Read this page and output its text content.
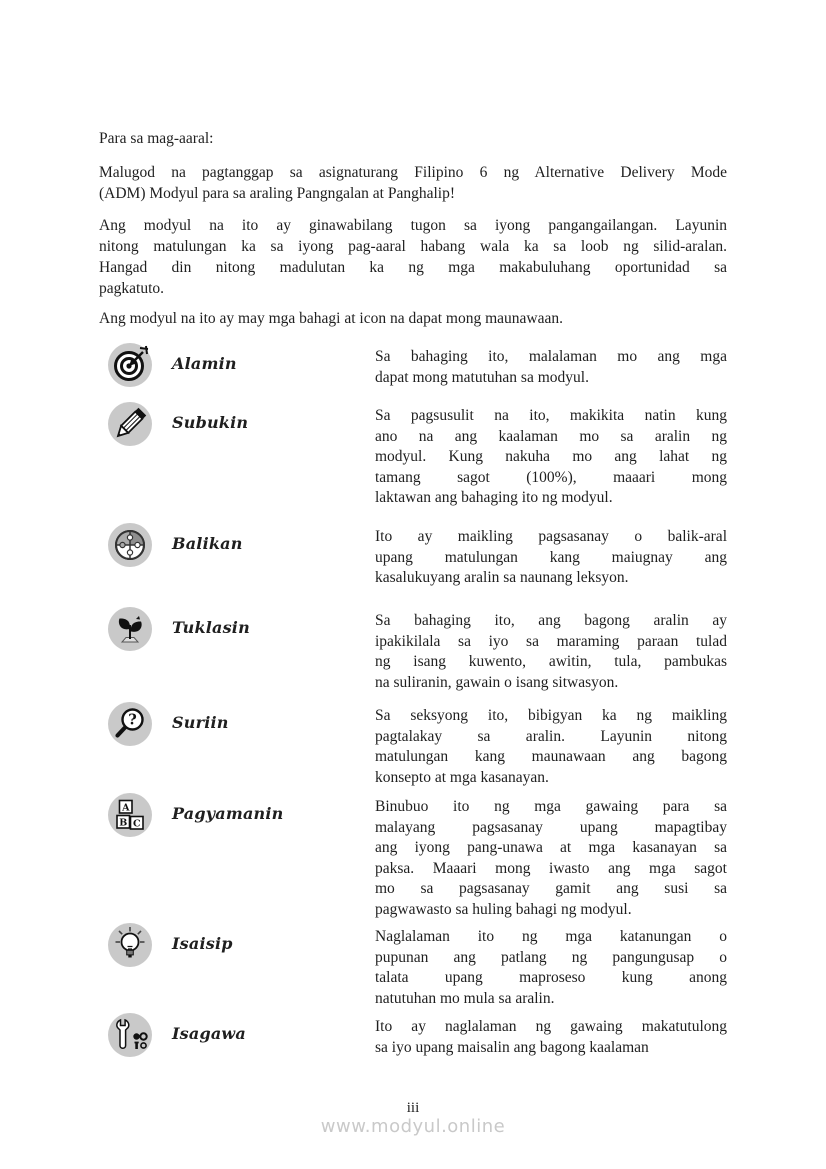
Para sa mag-aaral:
Malugod na pagtanggap sa asignaturang Filipino 6 ng Alternative Delivery Mode
(ADM) Modyul para sa araling Pangngalan at Panghalip!
Ang modyul na ito ay ginawabilang tugon sa iyong pangangailangan. Layunin
nitong matulungan ka sa iyong pag-aaral habang wala ka sa loob ng silid-aralan.
Hangad din nitong madulutan ka ng mga makabuluhang oportunidad sa
pagkatuto.
Ang modyul na ito ay may mga bahagi at icon na dapat mong maunawaan.
Alamin	Sa bahaging ito, malalaman mo ang mga
dapat mong matutuhan sa modyul.
Subukin	Sa pagsusulit na ito, makikita natin kung
ano na ang kaalaman mo sa aralin ng
modyul. Kung nakuha mo ang lahat ng
tamang sagot (100%), maaari mong
laktawan ang bahaging ito ng modyul.
Balikan	Ito ay maikling pagsasanay o balik-aral
upang matulungan kang maiugnay ang
kasalukuyang aralin sa naunang leksyon.
Tuklasin	Sa bahaging ito, ang bagong aralin ay
ipakikilala sa iyo sa maraming paraan tulad
ng isang kuwento, awitin, tula, pambukas
na suliranin, gawain o isang sitwasyon.
? Suriin	Sa seksyong ito, bibigyan ka ng maikling
pagtalakay sa aralin. Layunin nitong
matulungan kang maunawaan ang bagong
konsepto at mga kasanayan.
A
B C
Pagyamanin	Binubuo ito ng mga gawaing para sa
malayang pagsasanay upang mapagtibay
ang iyong pang-unawa at mga kasanayan sa
paksa. Maaari mong iwasto ang mga sagot
mo sa pagsasanay gamit ang susi sa
pagwawasto sa huling bahagi ng modyul.
Isaisip	Naglalaman ito ng mga katanungan o
pupunan ang patlang ng pangungusap o
talata upang maproseso kung anong
natutuhan mo mula sa aralin.
Isagawa	Ito ay naglalaman ng gawaing makatutulong
sa iyo upang maisalin ang bagong kaalaman
iii
www.modyul.online
